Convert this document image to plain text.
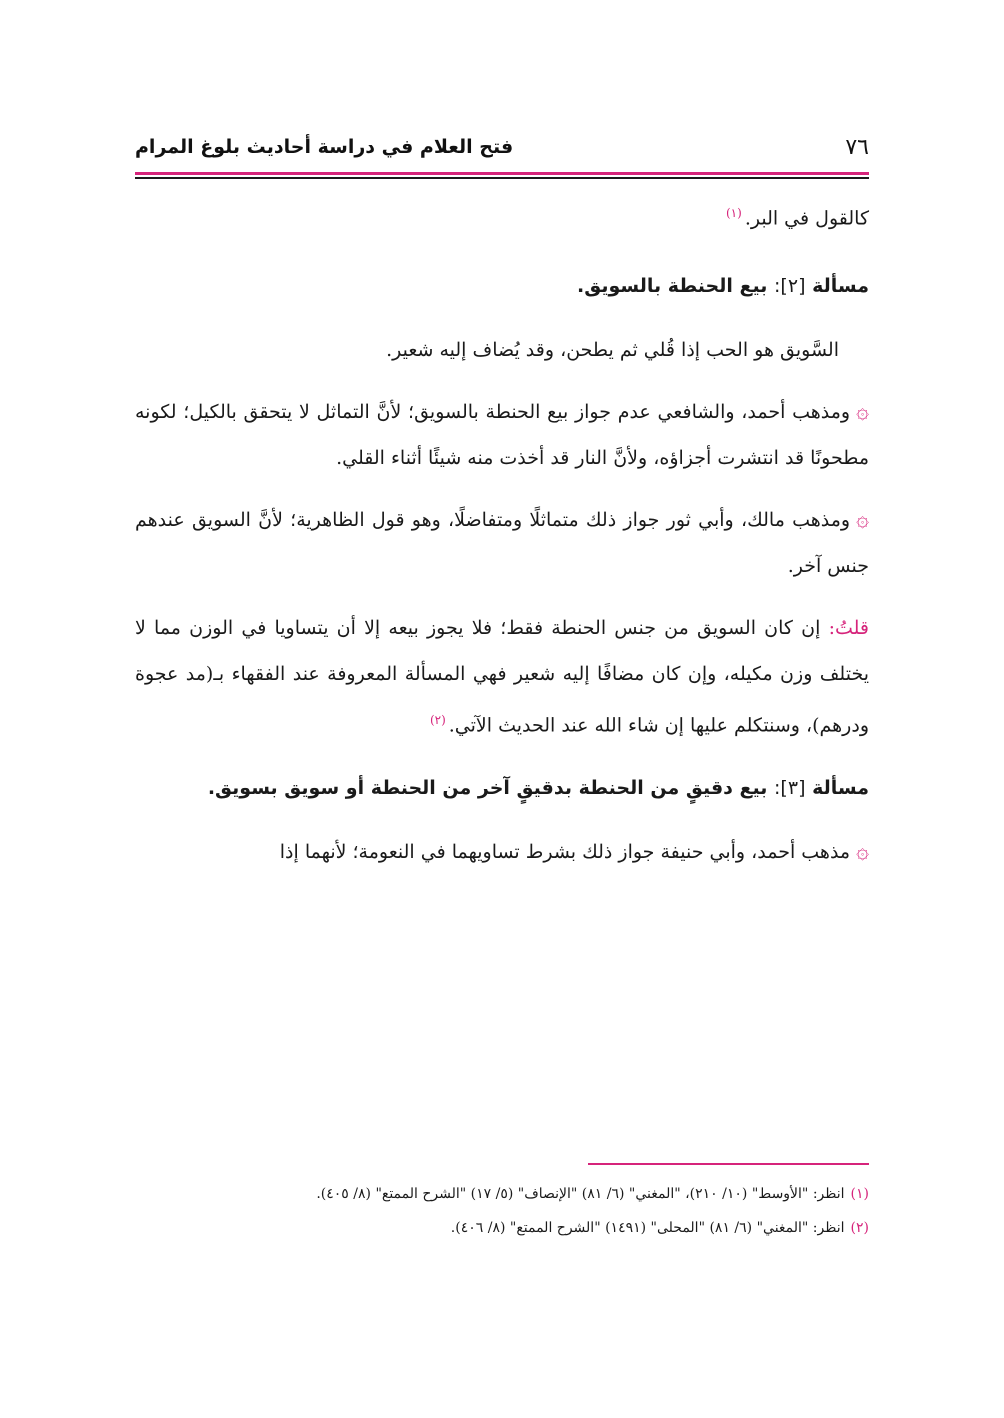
٧٦
فتح العلام في دراسة أحاديث بلوغ المرام

كالقول في البر.$^{(١)}$

مسألة [٢]: بيع الحنطة بالسويق.

السَّويق هو الحب إذا قُلي ثم يطحن، وقد يُضاف إليه شعير.

۞ومذهب أحمد، والشافعي عدم جواز بيع الحنطة بالسويق؛ لأنَّ التماثل لا يتحقق بالكيل؛ لكونه مطحونًا قد انتشرت أجزاؤه، ولأنَّ النار قد أخذت منه شيئًا أثناء القلي.

۞ومذهب مالك، وأبي ثور جواز ذلك متماثلًا ومتفاضلًا، وهو قول الظاهرية؛ لأنَّ السويق عندهم جنس آخر.

قلتُ: إن كان السويق من جنس الحنطة فقط؛ فلا يجوز بيعه إلا أن يتساويا في الوزن مما لا يختلف وزن مكيله، وإن كان مضافًا إليه شعير فهي المسألة المعروفة عند الفقهاء بـ(مد عجوة ودرهم)، وسنتكلم عليها إن شاء الله عند الحديث الآتي.$^{(٢)}$

مسألة [٣]: بيع دقيقٍ من الحنطة بدقيقٍ آخر من الحنطة أو سويق بسويق.

۞مذهب أحمد، وأبي حنيفة جواز ذلك بشرط تساويهما في النعومة؛ لأنهما إذا

(١)انظر: "الأوسط" (١٠/ ٢١٠)، "المغني" (٦/ ٨١) "الإنصاف" (٥/ ١٧) "الشرح الممتع" (٨/ ٤٠٥).

(٢)انظر: "المغني" (٦/ ٨١) "المحلى" (١٤٩١) "الشرح الممتع" (٨/ ٤٠٦).
